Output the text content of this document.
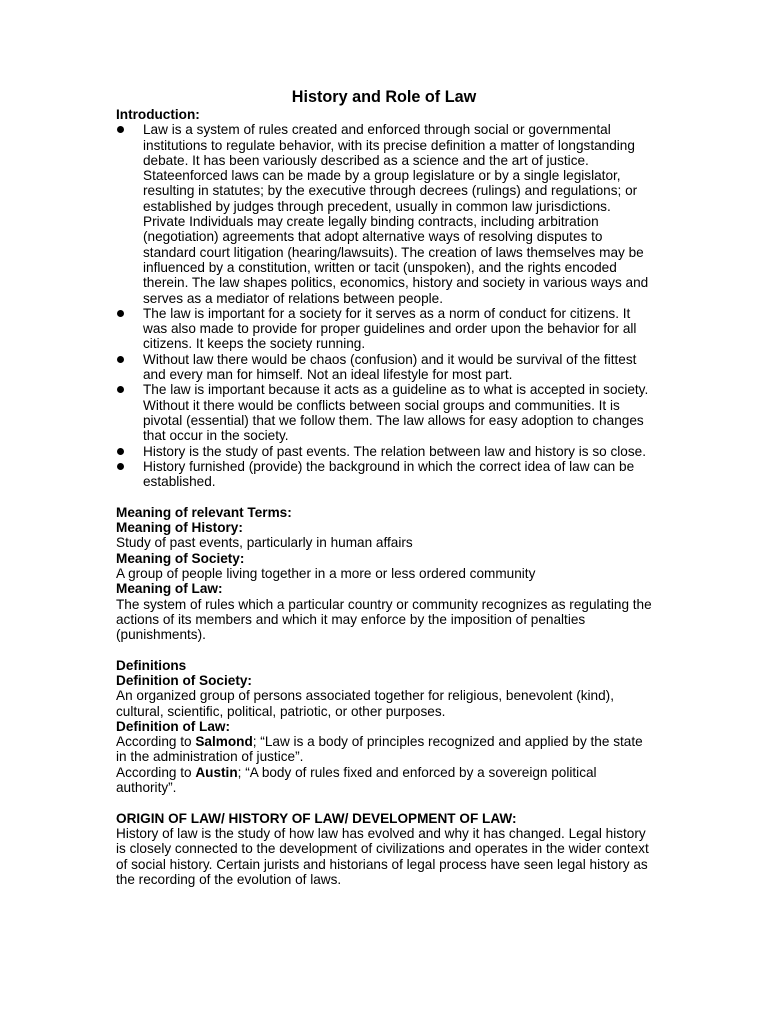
History and Role of Law
Introduction:
Law is a system of rules created and enforced through social or governmental institutions to regulate behavior, with its precise definition a matter of longstanding debate. It has been variously described as a science and the art of justice. Stateenforced laws can be made by a group legislature or by a single legislator, resulting in statutes; by the executive through decrees (rulings) and regulations; or established by judges through precedent, usually in common law jurisdictions. Private Individuals may create legally binding contracts, including arbitration (negotiation) agreements that adopt alternative ways of resolving disputes to standard court litigation (hearing/lawsuits). The creation of laws themselves may be influenced by a constitution, written or tacit (unspoken), and the rights encoded therein. The law shapes politics, economics, history and society in various ways and serves as a mediator of relations between people.
The law is important for a society for it serves as a norm of conduct for citizens. It was also made to provide for proper guidelines and order upon the behavior for all citizens. It keeps the society running.
Without law there would be chaos (confusion) and it would be survival of the fittest and every man for himself. Not an ideal lifestyle for most part.
The law is important because it acts as a guideline as to what is accepted in society. Without it there would be conflicts between social groups and communities. It is pivotal (essential) that we follow them. The law allows for easy adoption to changes that occur in the society.
History is the study of past events. The relation between law and history is so close.
History furnished (provide) the background in which the correct idea of law can be established.
Meaning of relevant Terms:
Meaning of History:
Study of past events, particularly in human affairs
Meaning of Society:
A group of people living together in a more or less ordered community
Meaning of Law:
The system of rules which a particular country or community recognizes as regulating the actions of its members and which it may enforce by the imposition of penalties (punishments).
Definitions
Definition of Society:
An organized group of persons associated together for religious, benevolent (kind), cultural, scientific, political, patriotic, or other purposes.
Definition of Law:
According to Salmond; “Law is a body of principles recognized and applied by the state in the administration of justice”.
According to Austin; “A body of rules fixed and enforced by a sovereign political authority”.
ORIGIN OF LAW/ HISTORY OF LAW/ DEVELOPMENT OF LAW:
History of law is the study of how law has evolved and why it has changed. Legal history is closely connected to the development of civilizations and operates in the wider context of social history. Certain jurists and historians of legal process have seen legal history as the recording of the evolution of laws.
